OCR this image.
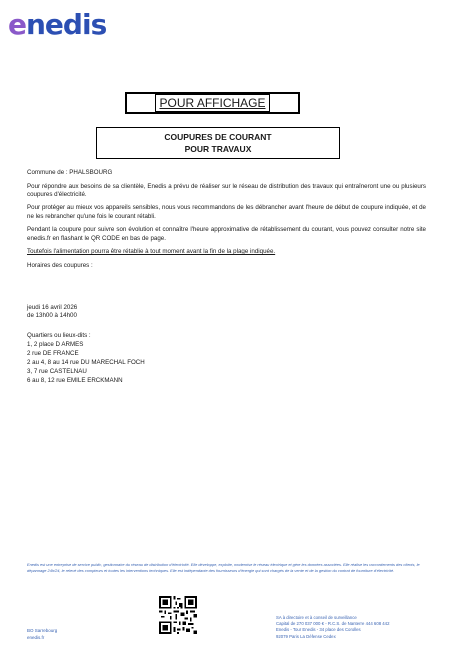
enedis
POUR AFFICHAGE
COUPURES DE COURANT
POUR TRAVAUX

Commune de : PHALSBOURG

Pour répondre aux besoins de sa clientèle, Enedis a prévu de réaliser sur le réseau de distribution des travaux qui entraîneront une ou plusieurs coupures d'électricité.

Pour protéger au mieux vos appareils sensibles, nous vous recommandons de les débrancher avant l'heure de début de coupure indiquée, et de ne les rebrancher qu'une fois le courant rétabli.

Pendant la coupure pour suivre son évolution et connaître l'heure approximative de rétablissement du courant, vous pouvez consulter notre site enedis.fr en flashant le QR CODE en bas de page.

Toutefois l'alimentation pourra être rétablie à tout moment avant la fin de la plage indiquée.

Horaires des coupures :

jeudi 16 avril 2026
de 13h00 à 14h00
Quartiers ou lieux-dits :
1, 2 place D ARMES
2 rue DE FRANCE
2 au 4, 8 au 14 rue DU MARECHAL FOCH
3, 7 rue CASTELNAU
6 au 8, 12 rue EMILE ERCKMANN
Enedis est une entreprise de service public, gestionnaire du réseau de distribution d'électricité. Elle développe, exploite, modernise le réseau électrique et gère les données associées. Elle réalise les raccordements des clients, le dépannage 24h/24, le relevé des compteurs et toutes les interventions techniques. Elle est indépendante des fournisseurs d'énergie qui sont chargés de la vente et de la gestion du contrat de fourniture d'électricité.
BO Sarrebourg
enedis.fr
SA à directoire et à conseil de surveillance
Capital de 270 037 000 € - R.C.S. de Nanterre 444 608 442
Enedis - Tour Enedis - 34 place des Corolles
92079 Paris La Défense Cedex
